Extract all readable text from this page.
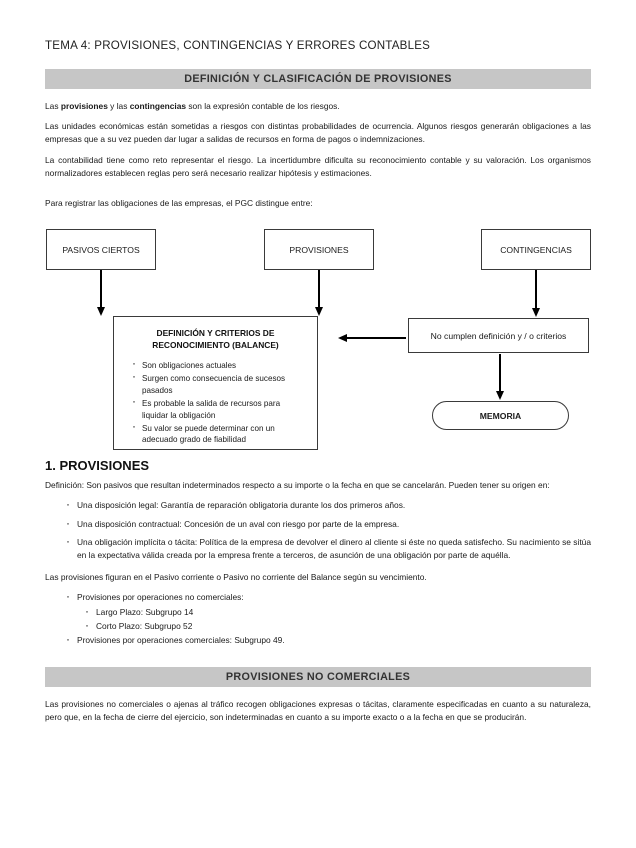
TEMA 4: PROVISIONES, CONTINGENCIAS Y ERRORES CONTABLES
DEFINICIÓN Y CLASIFICACIÓN DE PROVISIONES

Las provisiones y las contingencias son la expresión contable de los riesgos.

Las unidades económicas están sometidas a riesgos con distintas probabilidades de ocurrencia. Algunos riesgos generarán obligaciones a las empresas que a su vez pueden dar lugar a salidas de recursos en forma de pagos o indemnizaciones.

La contabilidad tiene como reto representar el riesgo. La incertidumbre dificulta su reconocimiento contable y su valoración. Los organismos normalizadores establecen reglas pero será necesario realizar hipótesis y estimaciones.

Para registrar las obligaciones de las empresas, el PGC distingue entre:

1. PROVISIONES

Definición: Son pasivos que resultan indeterminados respecto a su importe o la fecha en que se cancelarán. Pueden tener su origen en:

· Una disposición legal: Garantía de reparación obligatoria durante los dos primeros años.
· Una disposición contractual: Concesión de un aval con riesgo por parte de la empresa.
· Una obligación implícita o tácita: Política de la empresa de devolver el dinero al cliente si éste no queda satisfecho. Su nacimiento se sitúa en la expectativa válida creada por la empresa frente a terceros, de asunción de una obligación por parte de aquélla.

Las provisiones figuran en el Pasivo corriente o Pasivo no corriente del Balance según su vencimiento.

· Provisiones por operaciones no comerciales:
· Largo Plazo: Subgrupo 14
· Corto Plazo: Subgrupo 52
· Provisiones por operaciones comerciales: Subgrupo 49.
PROVISIONES NO COMERCIALES

Las provisiones no comerciales o ajenas al tráfico recogen obligaciones expresas o tácitas, claramente especificadas en cuanto a su naturaleza, pero que, en la fecha de cierre del ejercicio, son indeterminadas en cuanto a su importe exacto o a la fecha en que se producirán.

PASIVOS CIERTOS	PROVISIONES	CONTINGENCIAS
DEFINICIÓN Y CRITERIOS DE
RECONOCIMIENTO (BALANCE)
· Son obligaciones actuales
· Surgen como consecuencia de sucesos pasados
· Es probable la salida de recursos para liquidar la obligación
· Su valor se puede determinar con un adecuado grado de fiabilidad
No cumplen definición y / o criterios
MEMORIA
